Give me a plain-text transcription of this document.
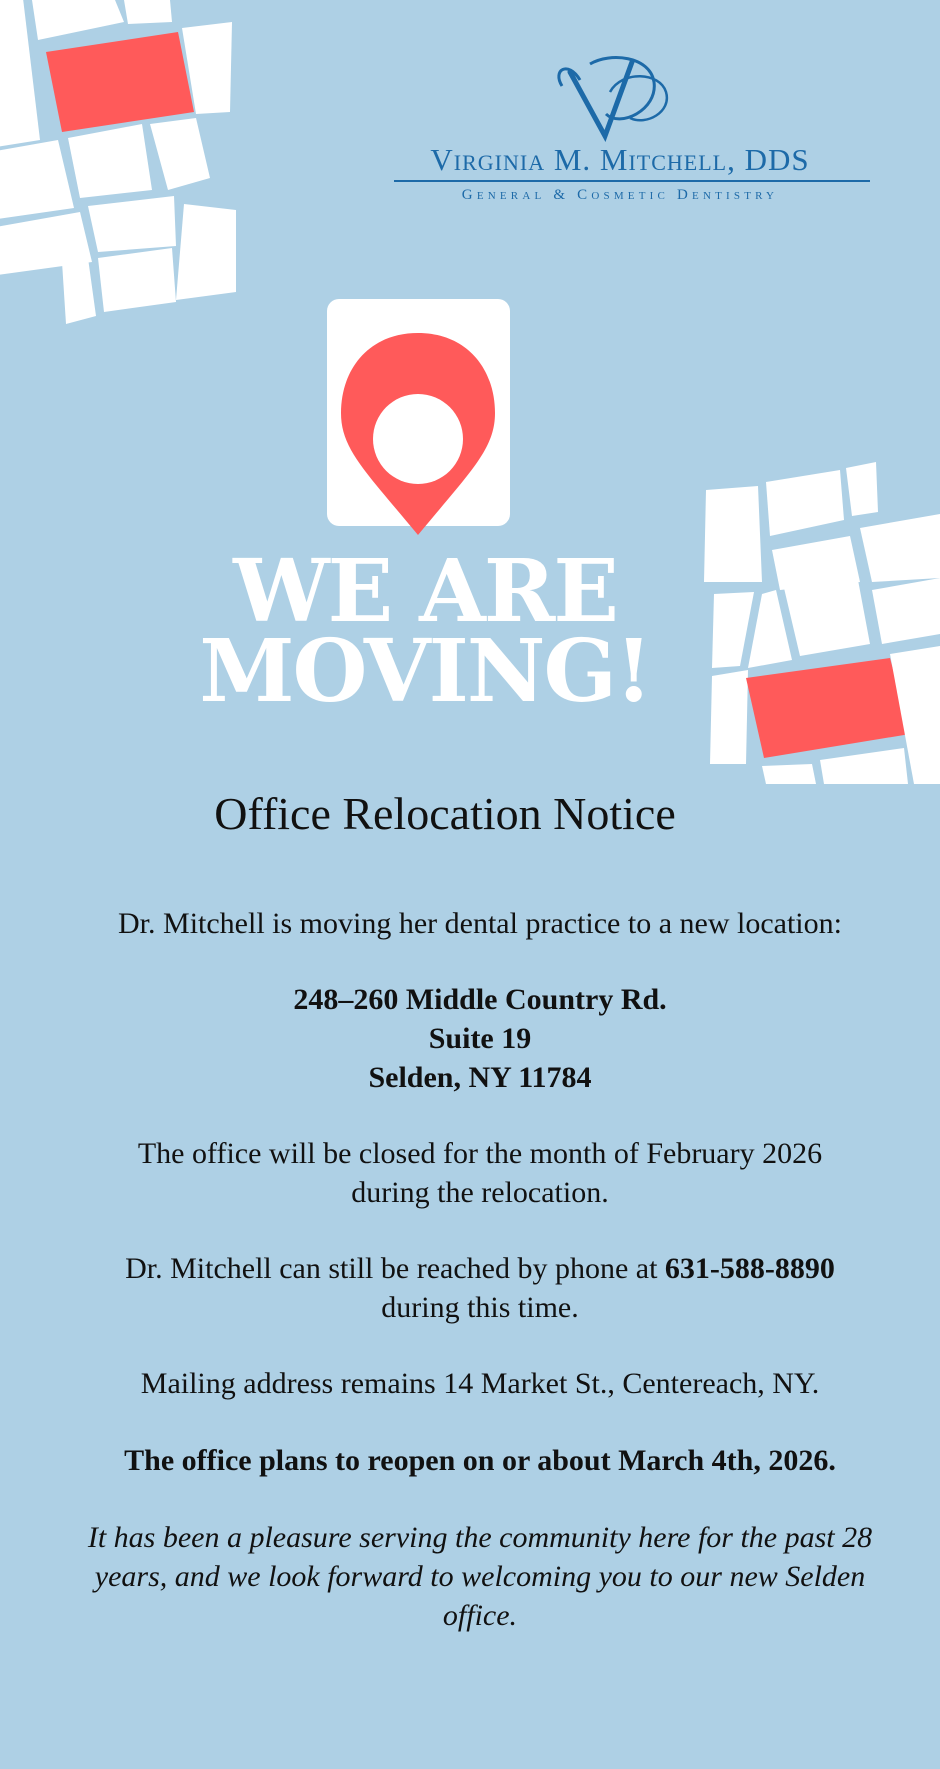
Virginia M. Mitchell, DDS
General & Cosmetic Dentistry
WE ARE
MOVING!
Office Relocation Notice
Dr. Mitchell is moving her dental practice to a new location:
248–260 Middle Country Rd.
Suite 19
Selden, NY 11784
The office will be closed for the month of February 2026
during the relocation.
Dr. Mitchell can still be reached by phone at 631-588-8890
during this time.
Mailing address remains 14 Market St., Centereach, NY.
The office plans to reopen on or about March 4th, 2026.
It has been a pleasure serving the community here for the past 28 years, and we look forward to welcoming you to our new Selden office.
